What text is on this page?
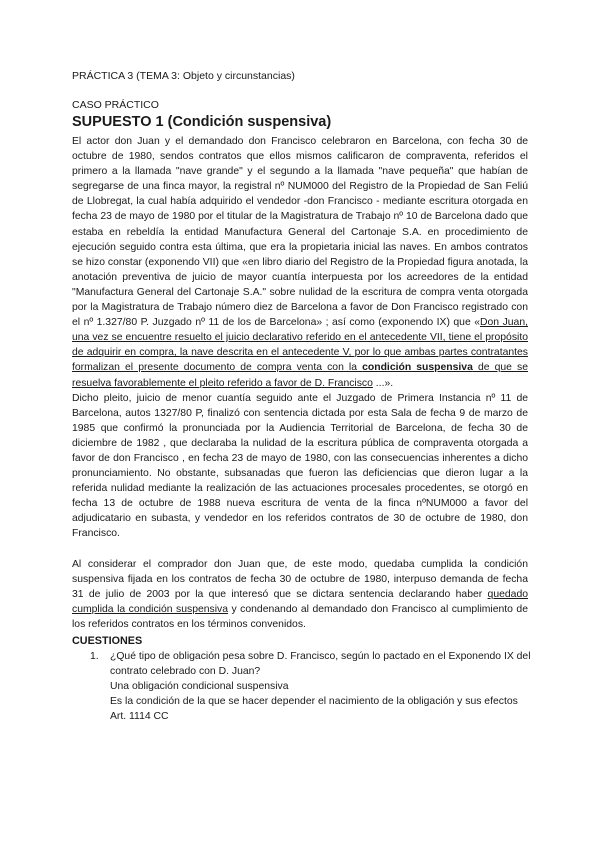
PRÁCTICA 3 (TEMA 3: Objeto y circunstancias)
CASO PRÁCTICO
SUPUESTO 1 (Condición suspensiva)

El actor don Juan y el demandado don Francisco celebraron en Barcelona, con fecha 30 de octubre de 1980, sendos contratos que ellos mismos calificaron de compraventa, referidos el primero a la llamada "nave grande" y el segundo a la llamada "nave pequeña" que habían de segregarse de una finca mayor, la registral nº NUM000 del Registro de la Propiedad de San Feliú de Llobregat, la cual había adquirido el vendedor -don Francisco - mediante escritura otorgada en fecha 23 de mayo de 1980 por el titular de la Magistratura de Trabajo nº 10 de Barcelona dado que estaba en rebeldía la entidad Manufactura General del Cartonaje S.A. en procedimiento de ejecución seguido contra esta última, que era la propietaria inicial las naves. En ambos contratos se hizo constar (exponendo VII) que «en libro diario del Registro de la Propiedad figura anotada, la anotación preventiva de juicio de mayor cuantía interpuesta por los acreedores de la entidad "Manufactura General del Cartonaje S.A." sobre nulidad de la escritura de compra venta otorgada por la Magistratura de Trabajo número diez de Barcelona a favor de Don Francisco registrado con el nº 1.327/80 P. Juzgado nº 11 de los de Barcelona» ; así como (exponendo IX) que «Don Juan, una vez se encuentre resuelto el juicio declarativo referido en el antecedente VII, tiene el propósito de adquirir en compra, la nave descrita en el antecedente V, por lo que ambas partes contratantes formalizan el presente documento de compra venta con la condición suspensiva de que se resuelva favorablemente el pleito referido a favor de D. Francisco ...».

Dicho pleito, juicio de menor cuantía seguido ante el Juzgado de Primera Instancia nº 11 de Barcelona, autos 1327/80 P, finalizó con sentencia dictada por esta Sala de fecha 9 de marzo de 1985 que confirmó la pronunciada por la Audiencia Territorial de Barcelona, de fecha 30 de diciembre de 1982 , que declaraba la nulidad de la escritura pública de compraventa otorgada a favor de don Francisco , en fecha 23 de mayo de 1980, con las consecuencias inherentes a dicho pronunciamiento. No obstante, subsanadas que fueron las deficiencias que dieron lugar a la referida nulidad mediante la realización de las actuaciones procesales procedentes, se otorgó en fecha 13 de octubre de 1988 nueva escritura de venta de la finca nºNUM000 a favor del adjudicatario en subasta, y vendedor en los referidos contratos de 30 de octubre de 1980, don Francisco.

Al considerar el comprador don Juan que, de este modo, quedaba cumplida la condición suspensiva fijada en los contratos de fecha 30 de octubre de 1980, interpuso demanda de fecha 31 de julio de 2003 por la que interesó que se dictara sentencia declarando haber quedado cumplida la condición suspensiva y condenando al demandado don Francisco al cumplimiento de los referidos contratos en los términos convenidos.

CUESTIONES
1.	¿Qué tipo de obligación pesa sobre D. Francisco, según lo pactado en el Exponendo IX del contrato celebrado con D. Juan?
Una obligación condicional suspensiva
Es la condición de la que se hacer depender el nacimiento de la obligación y sus efectos
Art. 1114 CC
